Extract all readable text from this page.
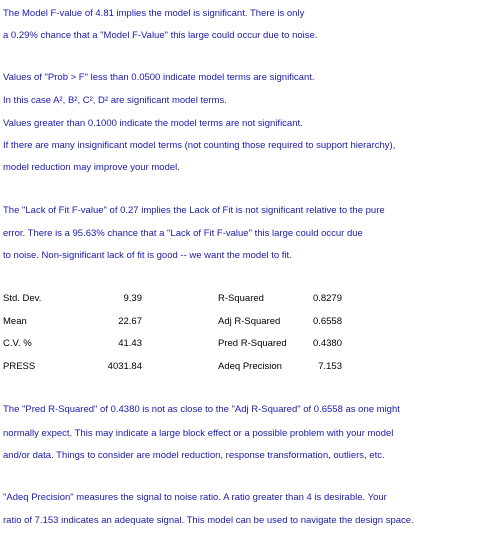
The Model F-value of 4.81 implies the model is significant. There is only
a 0.29% chance that a "Model F-Value" this large could occur due to noise.
Values of "Prob > F" less than 0.0500 indicate model terms are significant.
In this case A², B², C², D² are significant model terms.
Values greater than 0.1000 indicate the model terms are not significant.
If there are many insignificant model terms (not counting those required to support hierarchy),
model reduction may improve your model.
The "Lack of Fit F-value" of 0.27 implies the Lack of Fit is not significant relative to the pure
error. There is a 95.63% chance that a "Lack of Fit F-value" this large could occur due
to noise. Non-significant lack of fit is good -- we want the model to fit.
Std. Dev.	9.39	R-Squared	0.8279
Mean	22.67	Adj R-Squared	0.6558
C.V. %	41.43	Pred R-Squared	0.4380
PRESS	4031.84	Adeq Precision	7.153
The "Pred R-Squared" of 0.4380 is not as close to the "Adj R-Squared" of 0.6558 as one might
normally expect. This may indicate a large block effect or a possible problem with your model
and/or data. Things to consider are model reduction, response transformation, outliers, etc.
"Adeq Precision" measures the signal to noise ratio. A ratio greater than 4 is desirable. Your
ratio of 7.153 indicates an adequate signal. This model can be used to navigate the design space.
